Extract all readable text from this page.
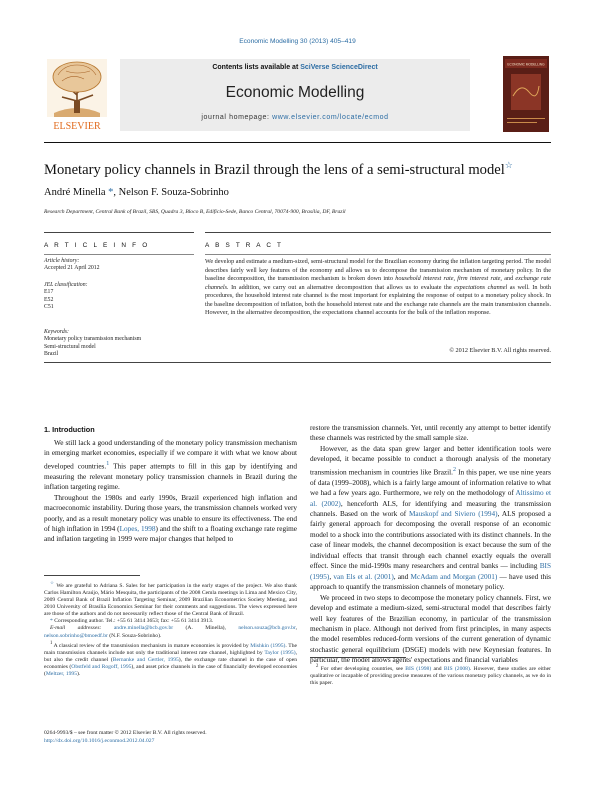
Economic Modelling 30 (2013) 405–419
Contents lists available at SciVerse ScienceDirect
Economic Modelling
journal homepage: www.elsevier.com/locate/ecmod
ELSEVIER
ECONOMIC MODELLING
Monetary policy channels in Brazil through the lens of a semi-structural model☆
André Minella *, Nelson F. Souza-Sobrinho
Research Department, Central Bank of Brazil, SBS, Quadra 3, Bloco B, Edifício-Sede, Banco Central, 70074-900, Brasília, DF, Brazil
A R T I C L E I N F O	A B S T R A C T
Article history:
Accepted 21 April 2012
JEL classification:
E17
E52
C51
Keywords:
Monetary policy transmission mechanism
Semi-structural model
Brazil
We develop and estimate a medium-sized, semi-structural model for the Brazilian economy during the inflation targeting period. The model describes fairly well key features of the economy and allows us to decompose the transmission mechanism of monetary policy. In the baseline decomposition, the transmission mechanism is broken down into household interest rate, firm interest rate, and exchange rate channels. In addition, we carry out an alternative decomposition that allows us to evaluate the expectations channel as well. In both procedures, the household interest rate channel is the most important for explaining the response of output to a monetary policy shock. In the baseline decomposition of inflation, both the household interest rate and the exchange rate channels are the main transmission channels. However, in the alternative decomposition, the expectations channel accounts for the bulk of the inflation response.
© 2012 Elsevier B.V. All rights reserved.
1. Introduction

We still lack a good understanding of the monetary policy transmission mechanism in emerging market economies, especially if we compare it with what we know about developed countries.$^1$ This paper attempts to fill in this gap by identifying and measuring the relevant monetary policy transmission channels in Brazil during the inflation targeting regime.

Throughout the 1980s and early 1990s, Brazil experienced high inflation and macroeconomic instability. During those years, the transmission channels worked very poorly, and as a result monetary policy was unable to ensure its effectiveness. The end of high inflation in 1994 (Lopes, 1998) and the shift to a floating exchange rate regime and inflation targeting in 1999 were major changes that helped to

restore the transmission channels. Yet, until recently any attempt to better identify these channels was restricted by the small sample size.

However, as the data span grew larger and better identification tools were developed, it became possible to conduct a thorough analysis of the monetary transmission mechanism in countries like Brazil.$^2$ In this paper, we use nine years of data (1999–2008), which is a fairly large amount of information relative to what we had a few years ago. Furthermore, we rely on the methodology of Altissimo et al. (2002), henceforth ALS, for identifying and measuring the transmission channels. Based on the work of Mauskopf and Siviero (1994), ALS proposed a fairly general approach for decomposing the overall response of an economic model to a shock into the contributions associated with its distinct channels. In the case of linear models, the channel decomposition is exact because the sum of the individual effects that transit through each channel exactly equals the overall effect. Since the mid-1990s many researchers and central banks — including BIS (1995), van Els et al. (2001), and McAdam and Morgan (2001) — have used this approach to quantify the transmission channels of monetary policy.

We proceed in two steps to decompose the monetary policy channels. First, we develop and estimate a medium-sized, semi-structural model that describes fairly well key features of the Brazilian economy, in particular of the transmission mechanism in place. Although not derived from first principles, in many aspects the model resembles reduced-form versions of the current generation of dynamic stochastic general equilibrium (DSGE) models with new Keynesian features. In particular, the model allows agents' expectations and financial variables

☆ We are grateful to Adriana S. Sales for her participation in the early stages of the project. We also thank Carlos Hamilton Araújo, Mário Mesquita, the participants of the 2008 Cemla meetings in Lima and Mexico City, 2009 Central Bank of Brazil Inflation Targeting Seminar, 2009 Brazilian Econometrics Society Meeting, and 2010 University of Brasília Economics Seminar for their comments and suggestions. The views expressed here are those of the authors and do not necessarily reflect those of the Central Bank of Brazil.

* Corresponding author. Tel.: +55 61 3414 3653; fax: +55 61 3414 3913.

E-mail addresses: andre.minella@bcb.gov.br (A. Minella), nelson.souza@bcb.gov.br, nelson.sobrinho@bmoedf.br (N.F. Souza-Sobrinho).

$^1$ A classical review of the transmission mechanism in mature economies is provided by Mishkin (1995). The main transmission channels include not only the traditional interest rate channel, highlighted by Taylor (1995), but also the credit channel (Bernanke and Gertler, 1995), the exchange rate channel in the case of open economies (Obstfeld and Rogoff, 1995), and asset price channels in the case of financially developed economies (Meltzer, 1995).

0264-9993/$ – see front matter © 2012 Elsevier B.V. All rights reserved.
http://dx.doi.org/10.1016/j.econmod.2012.04.027

$^2$ For other developing countries, see BIS (1998) and BIS (2008). However, these studies are either qualitative or incapable of providing precise measures of the various monetary policy channels, as we do in this paper.
